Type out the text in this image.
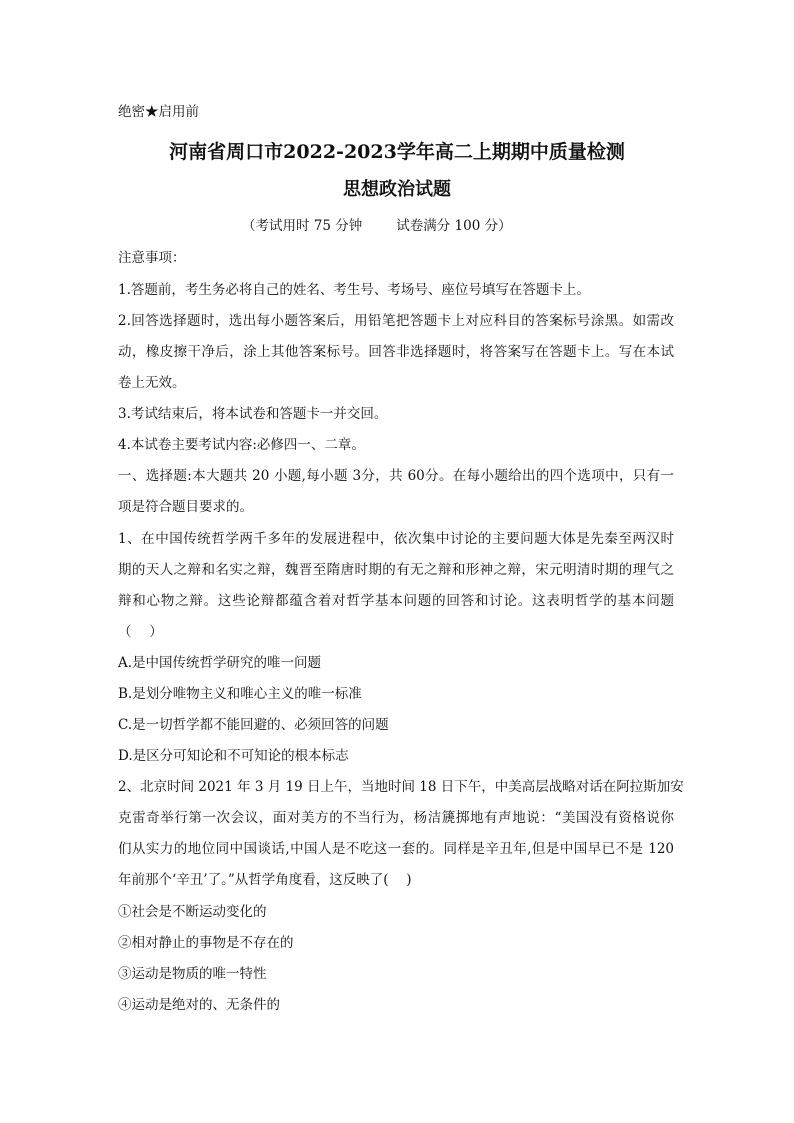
绝密★启用前
河南省周口市2022-2023学年高二上期期中质量检测
思想政治试题
（考试用时 75 分钟	试卷满分 100 分）
注意事项：
1.答题前，考生务必将自己的姓名、考生号、考场号、座位号填写在答题卡上。
2.回答选择题时，选出每小题答案后，用铅笔把答题卡上对应科目的答案标号涂黑。如需改
动，橡皮擦干净后，涂上其他答案标号。回答非选择题时，将答案写在答题卡上。写在本试
卷上无效。
3.考试结束后，将本试卷和答题卡一并交回。
4.本试卷主要考试内容:必修四一、二章。
一、选择题:本大题共 20 小题,每小题 3分，共 60分。在每小题给出的四个选项中，只有一
项是符合题目要求的。
1、在中国传统哲学两千多年的发展进程中，依次集中讨论的主要问题大体是先秦至两汉时
期的天人之辩和名实之辩，魏晋至隋唐时期的有无之辩和形神之辩，宋元明清时期的理气之
辩和心物之辩。这些论辩都蕴含着对哲学基本问题的回答和讨论。这表明哲学的基本问题
（　 ）
A.是中国传统哲学研究的唯一问题
B.是划分唯物主义和唯心主义的唯一标准
C.是一切哲学都不能回避的、必须回答的问题
D.是区分可知论和不可知论的根本标志
2、北京时间 2021 年 3 月 19 日上午，当地时间 18 日下午，中美高层战略对话在阿拉斯加安
克雷奇举行第一次会议，面对美方的不当行为，杨洁篪掷地有声地说：“美国没有资格说你
们从实力的地位同中国谈话,中国人是不吃这一套的。同样是辛丑年,但是中国早已不是 120
年前那个‘辛丑’了。”从哲学角度看，这反映了(　 )
①社会是不断运动变化的
②相对静止的事物是不存在的
③运动是物质的唯一特性
④运动是绝对的、无条件的
